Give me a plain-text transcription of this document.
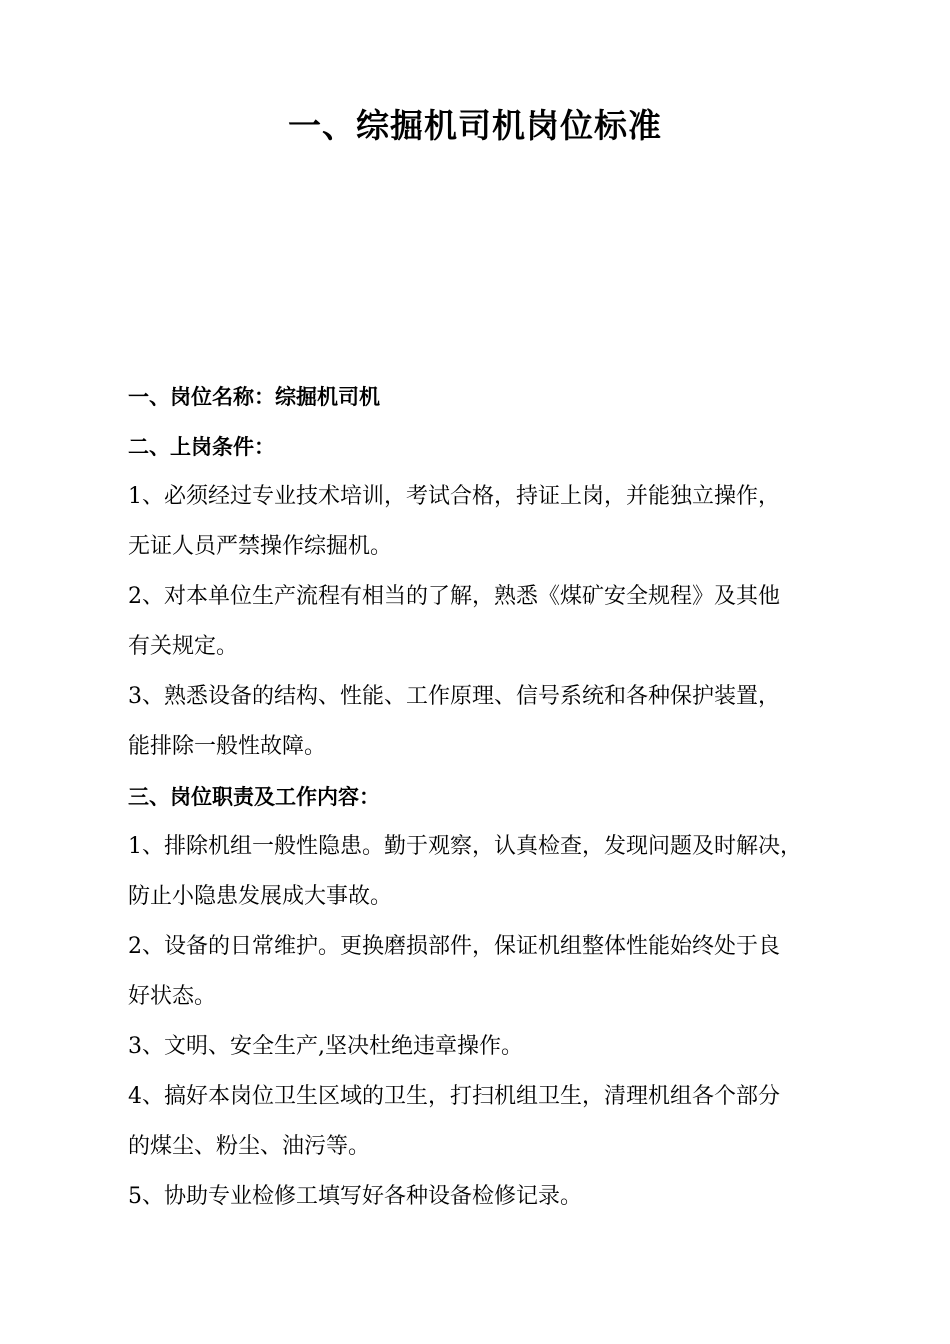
一、综掘机司机岗位标准

一、岗位名称：综掘机司机

二、上岗条件：

1、必须经过专业技术培训，考试合格，持证上岗，并能独立操作，

无证人员严禁操作综掘机。

2、对本单位生产流程有相当的了解，熟悉《煤矿安全规程》及其他

有关规定。

3、熟悉设备的结构、性能、工作原理、信号系统和各种保护装置，

能排除一般性故障。

三、岗位职责及工作内容：

1、排除机组一般性隐患。勤于观察，认真检查，发现问题及时解决，

防止小隐患发展成大事故。

2、设备的日常维护。更换磨损部件，保证机组整体性能始终处于良

好状态。

3、文明、安全生产,坚决杜绝违章操作。

4、搞好本岗位卫生区域的卫生，打扫机组卫生，清理机组各个部分

的煤尘、粉尘、油污等。

5、协助专业检修工填写好各种设备检修记录。
